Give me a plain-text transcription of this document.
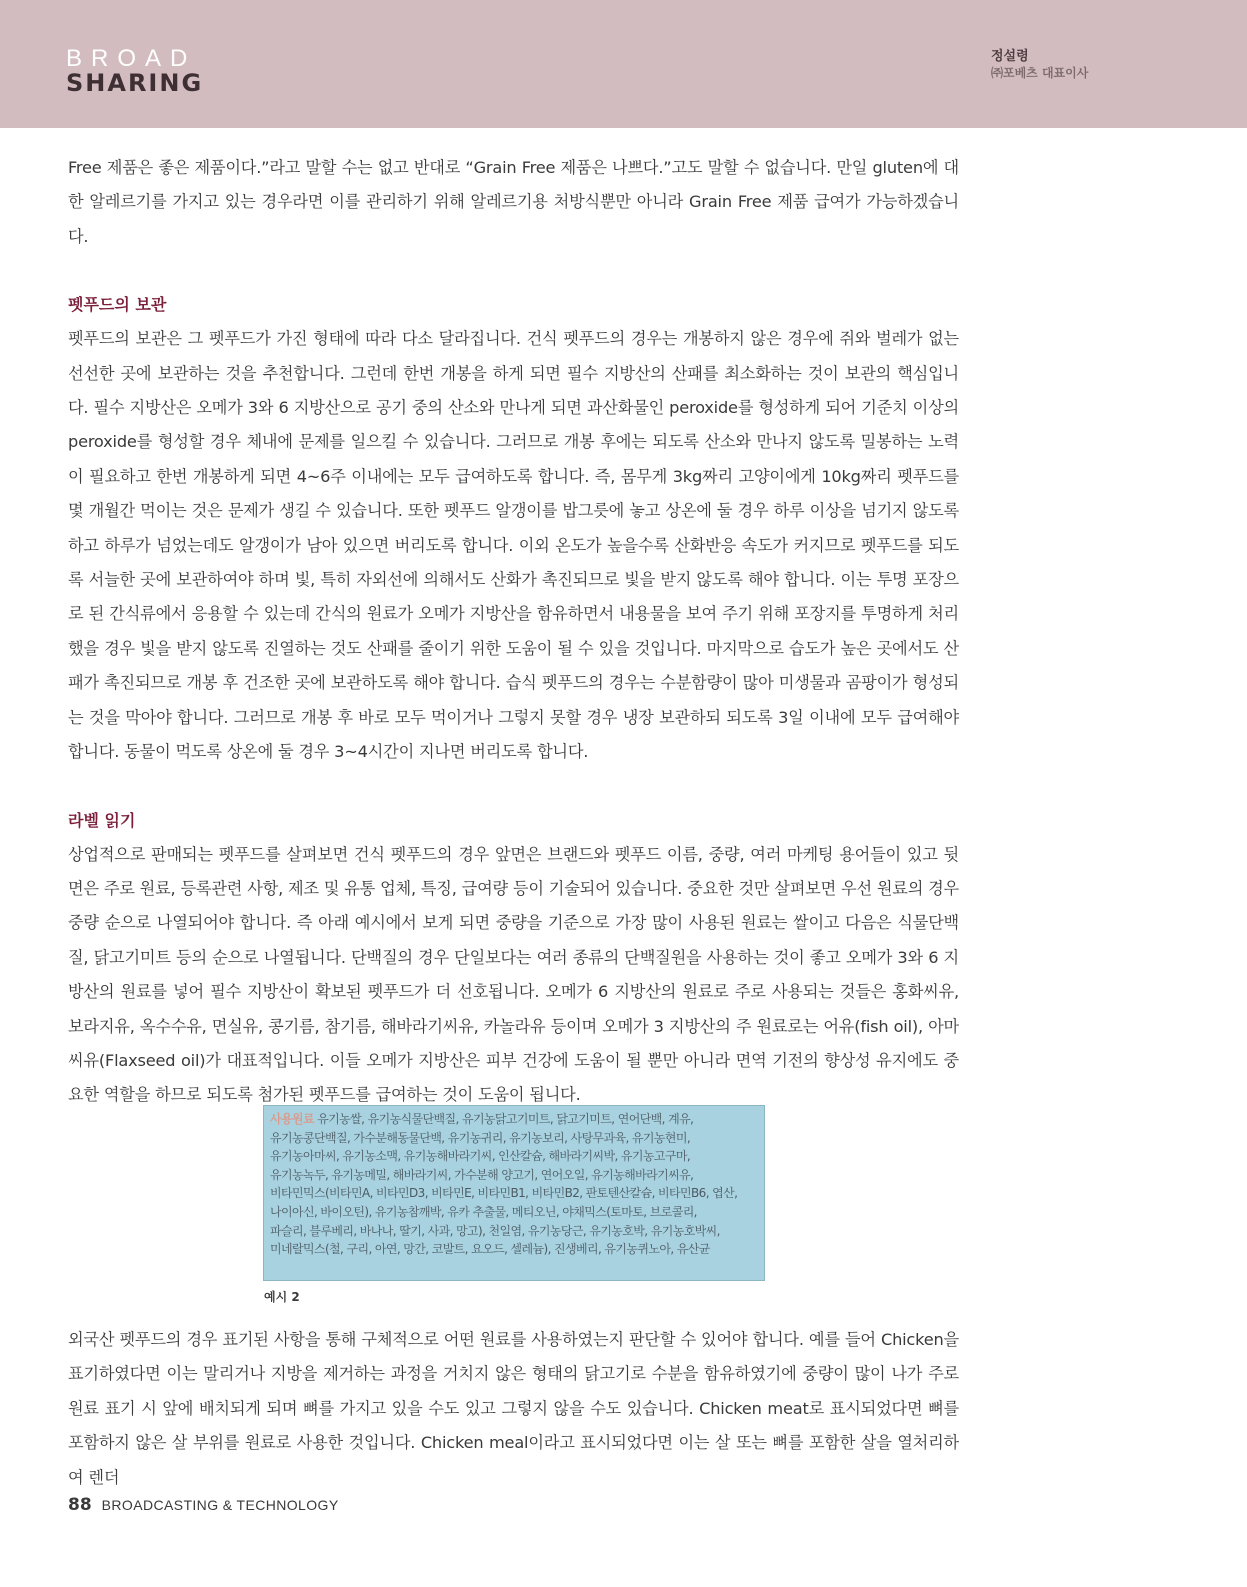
BROAD
SHARING
정설령
㈜포베츠 대표이사

Free 제품은 좋은 제품이다.”라고 말할 수는 없고 반대로 “Grain Free 제품은 나쁘다.”고도 말할 수 없습니다. 만일 gluten에 대한 알레르기를 가지고 있는 경우라면 이를 관리하기 위해 알레르기용 처방식뿐만 아니라 Grain Free 제품 급여가 가능하겠습니다.

펫푸드의 보관

펫푸드의 보관은 그 펫푸드가 가진 형태에 따라 다소 달라집니다. 건식 펫푸드의 경우는 개봉하지 않은 경우에 쥐와 벌레가 없는 선선한 곳에 보관하는 것을 추천합니다. 그런데 한번 개봉을 하게 되면 필수 지방산의 산패를 최소화하는 것이 보관의 핵심입니다. 필수 지방산은 오메가 3와 6 지방산으로 공기 중의 산소와 만나게 되면 과산화물인 peroxide를 형성하게 되어 기준치 이상의 peroxide를 형성할 경우 체내에 문제를 일으킬 수 있습니다. 그러므로 개봉 후에는 되도록 산소와 만나지 않도록 밀봉하는 노력이 필요하고 한번 개봉하게 되면 4~6주 이내에는 모두 급여하도록 합니다. 즉, 몸무게 3kg짜리 고양이에게 10kg짜리 펫푸드를 몇 개월간 먹이는 것은 문제가 생길 수 있습니다. 또한 펫푸드 알갱이를 밥그릇에 놓고 상온에 둘 경우 하루 이상을 넘기지 않도록 하고 하루가 넘었는데도 알갱이가 남아 있으면 버리도록 합니다. 이외 온도가 높을수록 산화반응 속도가 커지므로 펫푸드를 되도록 서늘한 곳에 보관하여야 하며 빛, 특히 자외선에 의해서도 산화가 촉진되므로 빛을 받지 않도록 해야 합니다. 이는 투명 포장으로 된 간식류에서 응용할 수 있는데 간식의 원료가 오메가 지방산을 함유하면서 내용물을 보여 주기 위해 포장지를 투명하게 처리했을 경우 빛을 받지 않도록 진열하는 것도 산패를 줄이기 위한 도움이 될 수 있을 것입니다. 마지막으로 습도가 높은 곳에서도 산패가 촉진되므로 개봉 후 건조한 곳에 보관하도록 해야 합니다. 습식 펫푸드의 경우는 수분함량이 많아 미생물과 곰팡이가 형성되는 것을 막아야 합니다. 그러므로 개봉 후 바로 모두 먹이거나 그렇지 못할 경우 냉장 보관하되 되도록 3일 이내에 모두 급여해야 합니다. 동물이 먹도록 상온에 둘 경우 3~4시간이 지나면 버리도록 합니다.

라벨 읽기

상업적으로 판매되는 펫푸드를 살펴보면 건식 펫푸드의 경우 앞면은 브랜드와 펫푸드 이름, 중량, 여러 마케팅 용어들이 있고 뒷면은 주로 원료, 등록관련 사항, 제조 및 유통 업체, 특징, 급여량 등이 기술되어 있습니다. 중요한 것만 살펴보면 우선 원료의 경우 중량 순으로 나열되어야 합니다. 즉 아래 예시에서 보게 되면 중량을 기준으로 가장 많이 사용된 원료는 쌀이고 다음은 식물단백질, 닭고기미트 등의 순으로 나열됩니다. 단백질의 경우 단일보다는 여러 종류의 단백질원을 사용하는 것이 좋고 오메가 3와 6 지방산의 원료를 넣어 필수 지방산이 확보된 펫푸드가 더 선호됩니다. 오메가 6 지방산의 원료로 주로 사용되는 것들은 홍화씨유, 보라지유, 옥수수유, 면실유, 콩기름, 참기름, 해바라기씨유, 카놀라유 등이며 오메가 3 지방산의 주 원료로는 어유(fish oil), 아마씨유(Flaxseed oil)가 대표적입니다. 이들 오메가 지방산은 피부 건강에 도움이 될 뿐만 아니라 면역 기전의 향상성 유지에도 중요한 역할을 하므로 되도록 첨가된 펫푸드를 급여하는 것이 도움이 됩니다.

사용원료 유기농쌀, 유기농식물단백질, 유기농닭고기미트, 닭고기미트, 연어단백, 계유,
유기농콩단백질, 가수분해동물단백, 유기농귀리, 유기농보리, 사탕무과육, 유기농현미,
유기농아마씨, 유기농소맥, 유기농해바라기씨, 인산칼슘, 해바라기씨박, 유기농고구마,
유기농녹두, 유기농메밀, 해바라기씨, 가수분해 양고기, 연어오일, 유기농해바라기씨유,
비타민믹스(비타민A, 비타민D3, 비타민E, 비타민B1, 비타민B2, 판토텐산칼슘, 비타민B6, 엽산,
나이아신, 바이오틴), 유기농참깨박, 유카 추출물, 메티오닌, 야채믹스(토마토, 브로콜리,
파슬리, 블루베리, 바나나, 딸기, 사과, 망고), 천일염, 유기농당근, 유기농호박, 유기농호박씨,
미네랄믹스(철, 구리, 아연, 망간, 코발트, 요오드, 셀레늄), 진생베리, 유기농퀴노아, 유산균
예시 2

외국산 펫푸드의 경우 표기된 사항을 통해 구체적으로 어떤 원료를 사용하였는지 판단할 수 있어야 합니다. 예를 들어 Chicken을 표기하였다면 이는 말리거나 지방을 제거하는 과정을 거치지 않은 형태의 닭고기로 수분을 함유하였기에 중량이 많이 나가 주로 원료 표기 시 앞에 배치되게 되며 뼈를 가지고 있을 수도 있고 그렇지 않을 수도 있습니다. Chicken meat로 표시되었다면 뼈를 포함하지 않은 살 부위를 원료로 사용한 것입니다. Chicken meal이라고 표시되었다면 이는 살 또는 뼈를 포함한 살을 열처리하여 렌더

88 BROADCASTING & TECHNOLOGY
